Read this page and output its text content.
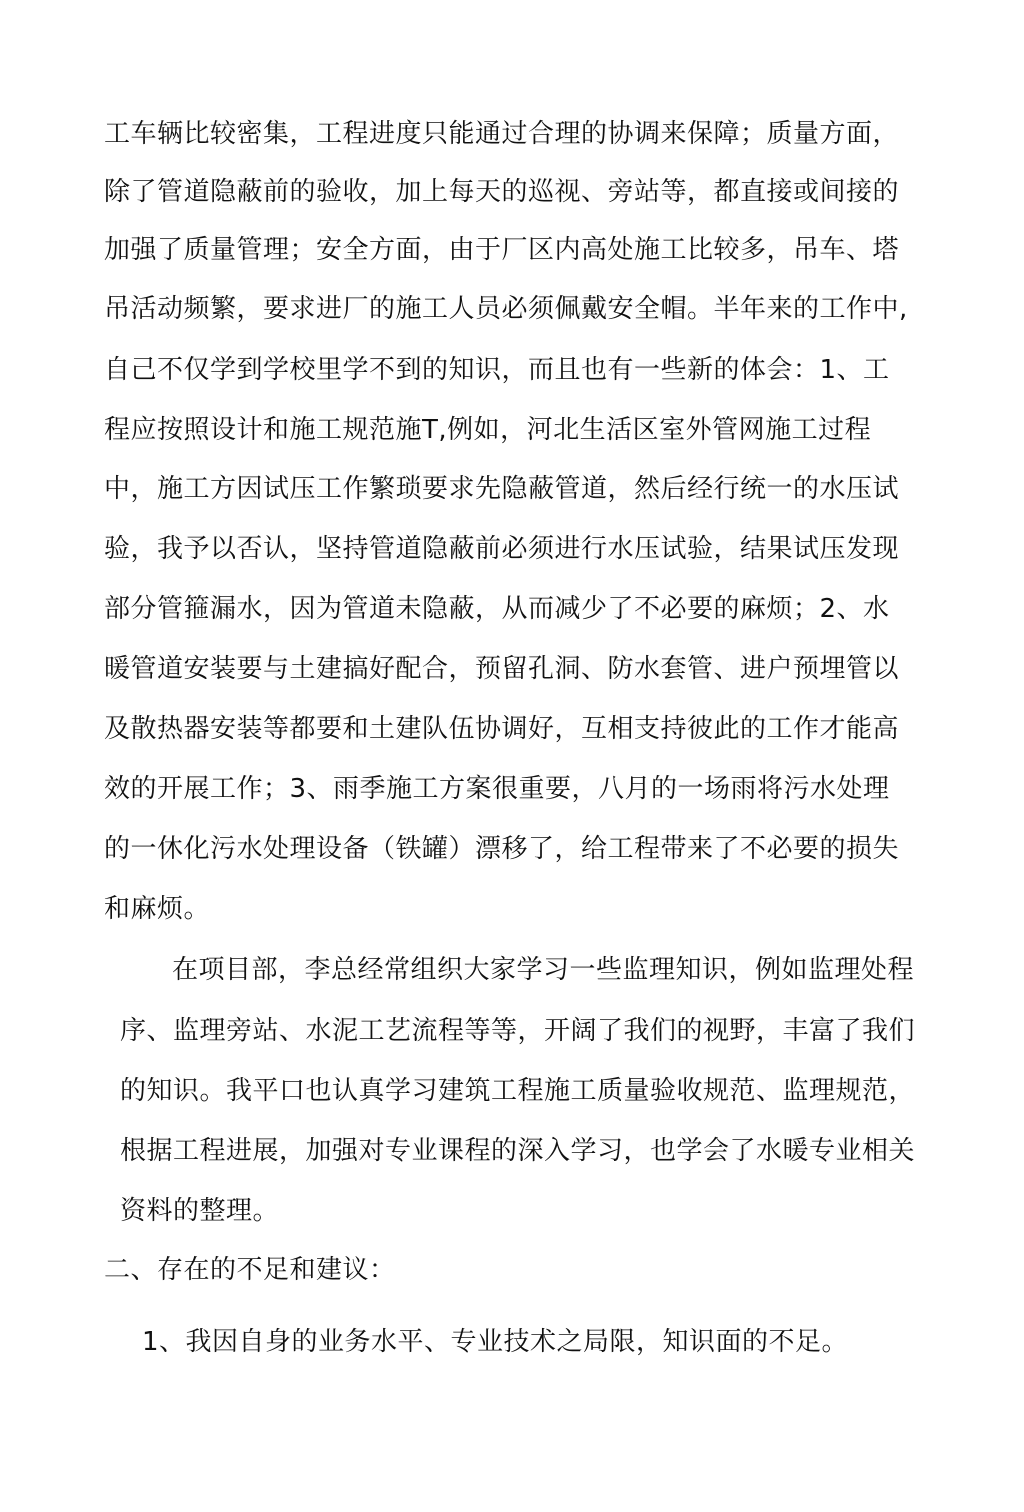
工车辆比较密集，工程进度只能通过合理的协调来保障；质量方面，
除了管道隐蔽前的验收，加上每天的巡视、旁站等，都直接或间接的
加强了质量管理；安全方面，由于厂区内高处施工比较多，吊车、塔
吊活动频繁，要求进厂的施工人员必须佩戴安全帽。半年来的工作中,
自己不仅学到学校里学不到的知识，而且也有一些新的体会：1、工
程应按照设计和施工规范施T,例如，河北生活区室外管网施工过程
中，施工方因试压工作繁琐要求先隐蔽管道，然后经行统一的水压试
验，我予以否认，坚持管道隐蔽前必须进行水压试验，结果试压发现
部分管箍漏水，因为管道未隐蔽，从而减少了不必要的麻烦；2、水
暖管道安装要与土建搞好配合，预留孔洞、防水套管、进户预埋管以
及散热器安装等都要和土建队伍协调好，互相支持彼此的工作才能高
效的开展工作；3、雨季施工方案很重要，八月的一场雨将污水处理
的一休化污水处理设备（铁罐）漂移了，给工程带来了不必要的损失
和麻烦。
在项目部，李总经常组织大家学习一些监理知识，例如监理处程
序、监理旁站、水泥工艺流程等等，开阔了我们的视野，丰富了我们
的知识。我平口也认真学习建筑工程施工质量验收规范、监理规范，
根据工程进展，加强对专业课程的深入学习，也学会了水暖专业相关
资料的整理。
二、存在的不足和建议：
1、我因自身的业务水平、专业技术之局限，知识面的不足。
